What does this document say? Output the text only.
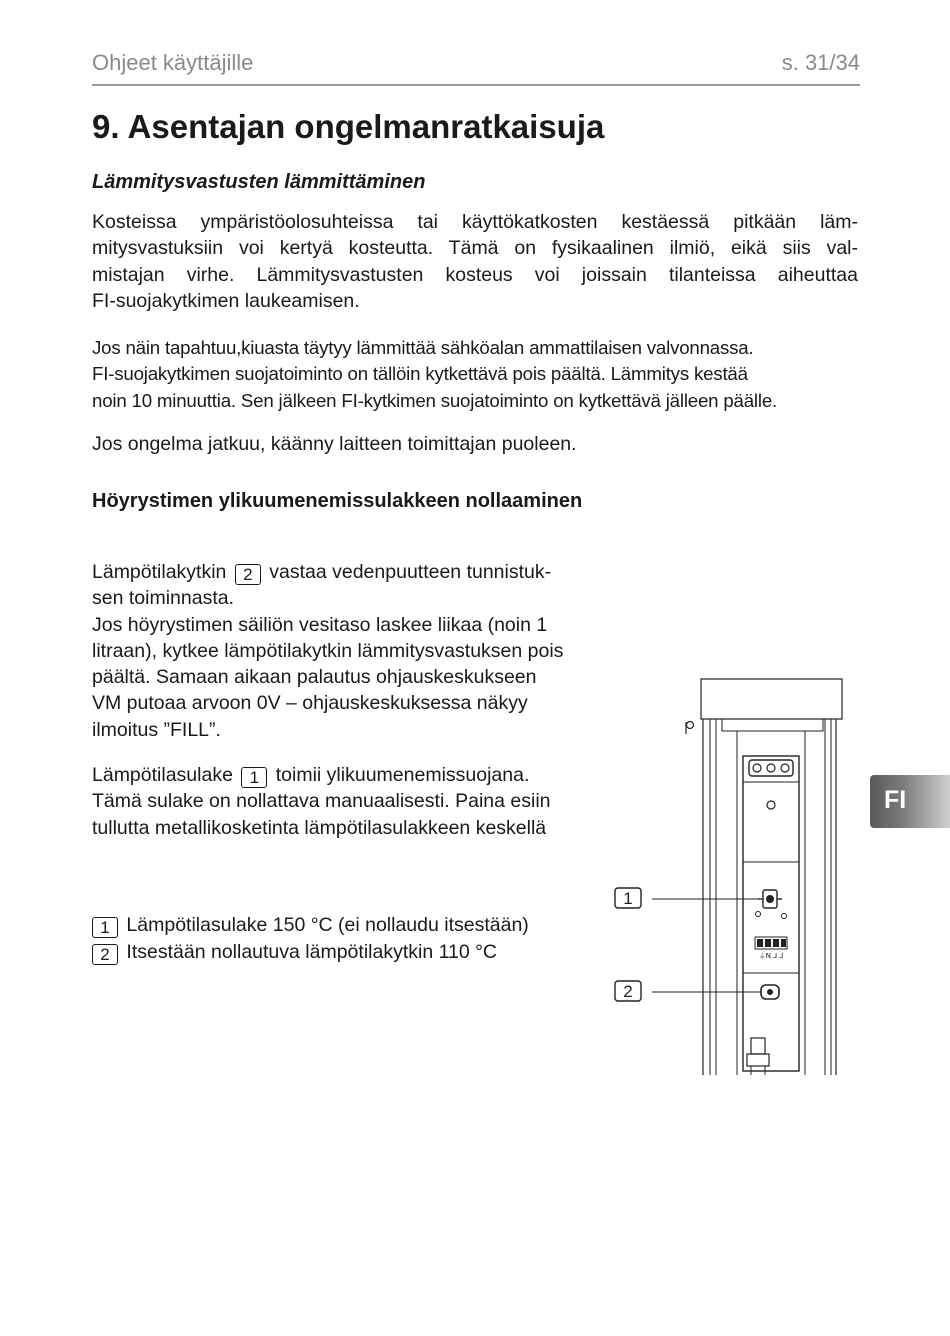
Ohjeet käyttäjille	s. 31/34
9. Asentajan ongelmanratkaisuja
Lämmitysvastusten lämmittäminen
Kosteissa ympäristöolosuhteissa tai käyttökatkosten kestäessä pitkään läm-
mitysvastuksiin voi kertyä kosteutta. Tämä on fysikaalinen ilmiö, eikä siis val-
mistajan virhe. Lämmitysvastusten kosteus voi joissain tilanteissa aiheuttaa
FI-suojakytkimen laukeamisen.
Jos näin tapahtuu,kiuasta täytyy lämmittää sähköalan ammattilaisen valvonnassa.
FI-suojakytkimen suojatoiminto on tällöin kytkettävä pois päältä. Lämmitys kestää
noin 10 minuuttia. Sen jälkeen FI-kytkimen suojatoiminto on kytkettävä jälleen päälle.
Jos ongelma jatkuu, käänny laitteen toimittajan puoleen.
Höyrystimen ylikuumenemissulakkeen nollaaminen
Lämpötilakytkin 2 vastaa vedenpuutteen tunnistuk-
sen toiminnasta.
Jos höyrystimen säiliön vesitaso laskee liikaa (noin 1
litraan), kytkee lämpötilakytkin lämmitysvastuksen pois
päältä. Samaan aikaan palautus ohjauskeskukseen
VM putoaa arvoon 0V – ohjauskeskuksessa näkyy
ilmoitus ”FILL”.
Lämpötilasulake 1 toimii ylikuumenemissuojana.
Tämä sulake on nollattava manuaalisesti. Paina esiin
tullutta metallikosketinta lämpötilasulakkeen keskellä
1 Lämpötilasulake 150 °C (ei nollaudu itsestään)
2 Itsestään nollautuva lämpötilakytkin 110 °C
FI
⏚N ⅃ ⅃
1
2
